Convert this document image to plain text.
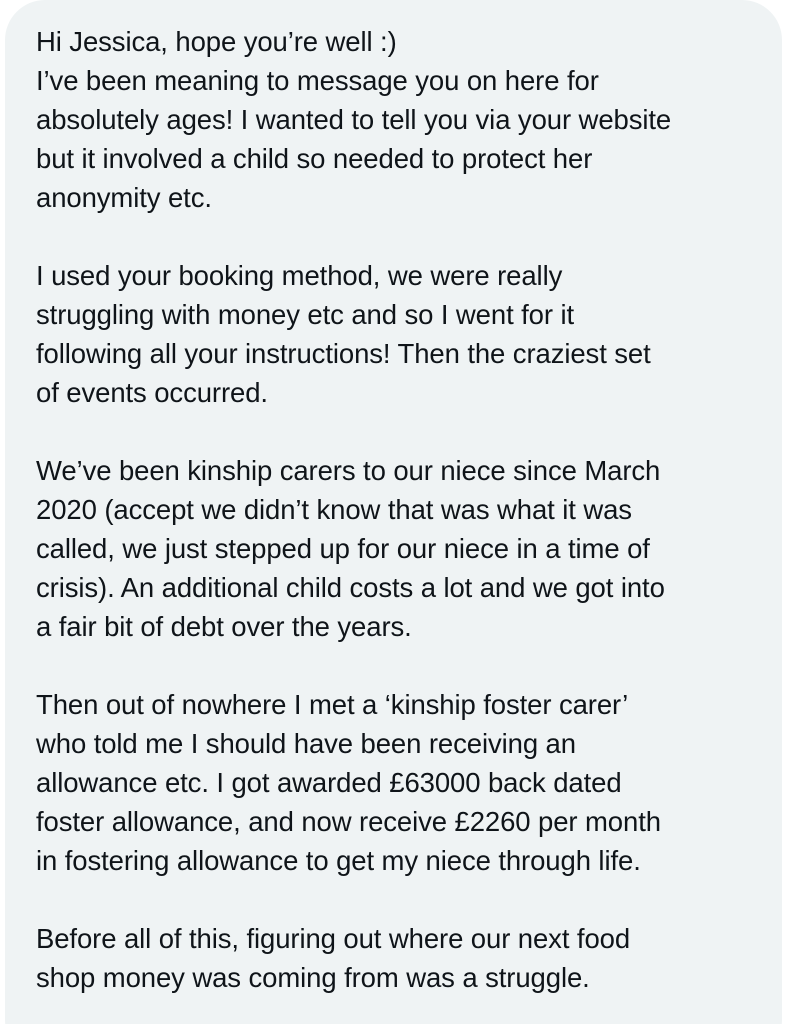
Hi Jessica, hope you’re well :)
I’ve been meaning to message you on here for
absolutely ages! I wanted to tell you via your website
but it involved a child so needed to protect her
anonymity etc.

I used your booking method, we were really
struggling with money etc and so I went for it
following all your instructions! Then the craziest set
of events occurred.

We’ve been kinship carers to our niece since March
2020 (accept we didn’t know that was what it was
called, we just stepped up for our niece in a time of
crisis). An additional child costs a lot and we got into
a fair bit of debt over the years.

Then out of nowhere I met a ‘kinship foster carer’
who told me I should have been receiving an
allowance etc. I got awarded £63000 back dated
foster allowance, and now receive £2260 per month
in fostering allowance to get my niece through life.

Before all of this, figuring out where our next food
shop money was coming from was a struggle.
